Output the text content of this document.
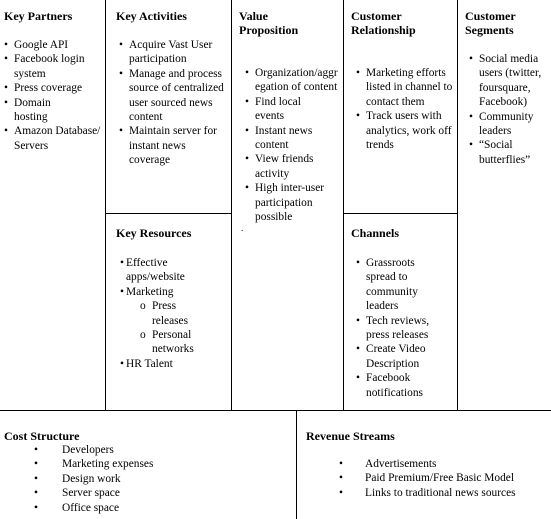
Key Partners

• Google API
• Facebook login system
• Press coverage
• Domain hosting
• Amazon Database/Servers

Key Activities

• Acquire Vast User participation
• Manage and process source of centralized user sourced news content
• Maintain server for instant news coverage

Key Resources

• Effective apps/website
• Marketing
o Press releases
o Personal networks
• HR Talent

Value
Proposition

• Organization/aggregation of content
• Find local events
• Instant news content
• View friends activity
• High inter-user participation possible
.

Customer
Relationship

• Marketing efforts listed in channel to contact them
• Track users with analytics, work off trends

Channels

• Grassroots spread to community leaders
• Tech reviews, press releases
• Create Video Description
• Facebook notifications

Customer
Segments

• Social media users (twitter, foursquare, Facebook)
• Community leaders
• “Social butterflies”

Cost Structure

• Developers
• Marketing expenses
• Design work
• Server space
• Office space

Revenue Streams

• Advertisements
• Paid Premium/Free Basic Model
• Links to traditional news sources
